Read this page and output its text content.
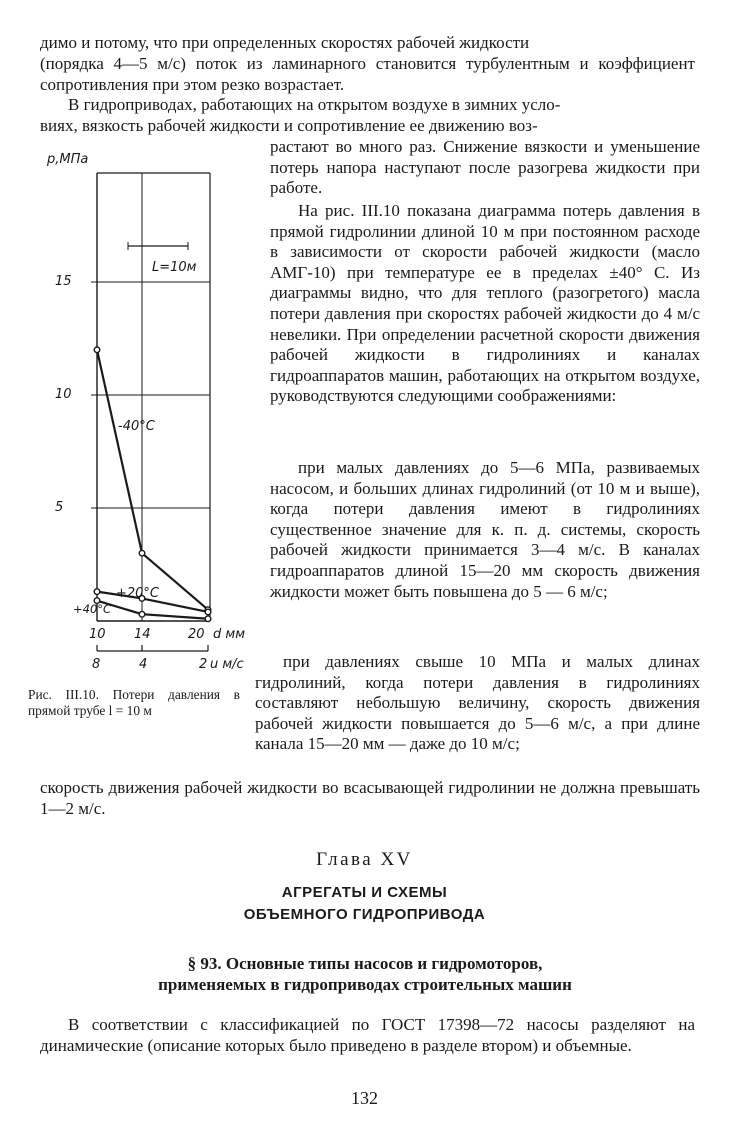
димо и потому, что при определенных скоростях рабочей жидкости

(порядка 4—5 м/с) поток из ламинарного становится турбулентным и коэффициент сопротивления при этом резко возрастает.

В гидроприводах, работающих на открытом воздухе в зимних усло-

виях, вязкость рабочей жидкости и сопротивление ее движению воз-

растают во много раз. Снижение вязкости и уменьшение потерь напора наступают после разогрева жидкости при работе.

На рис. III.10 показана диаграмма потерь давления в прямой гидролинии длиной 10 м при постоянном расходе в зависимости от скорости рабочей жидкости (масло АМГ-10) при температуре ее в пределах ±40° С. Из диаграммы видно, что для теплого (разогретого) масла потери давления при скоростях рабочей жидкости до 4 м/с невелики. При определении расчетной скорости движения рабочей жидкости в гидролиниях и каналах гидроаппаратов машин, работающих на открытом воздухе, руководствуются следующими соображениями:

при малых давлениях до 5—6 МПа, развиваемых насосом, и больших длинах гидролиний (от 10 м и выше), когда потери давления имеют в гидролиниях существенное значение для к. п. д. системы, скорость рабочей жидкости принимается 3—4 м/с. В каналах гидроаппаратов длиной 15—20 мм скорость движения жидкости может быть повышена до 5 — 6 м/с;

при давлениях свыше 10 МПа и малых длинах гидролиний, когда потери давления в гидролиниях составляют небольшую величину, скорость движения рабочей жидкости повышается до 5—6 м/с, а при длине канала 15—20 мм — даже до 10 м/с;

скорость движения рабочей жидкости во всасывающей гидролинии не должна превышать 1—2 м/с.

15
10
5
p,МПа
L=10м
-40°C
+20°C
+40°C
10 14	20 d мм
8	4	2 u м/с
Рис. III.10. Потери давления в прямой трубе l = 10 м
Глава XV
АГРЕГАТЫ И СХЕМЫ
ОБЪЕМНОГО ГИДРОПРИВОДА
§ 93. Основные типы насосов и гидромоторов,
применяемых в гидроприводах строительных машин

В соответствии с классификацией по ГОСТ 17398—72 насосы разделяют на динамические (описание которых было приведено в разделе втором) и объемные.

132
